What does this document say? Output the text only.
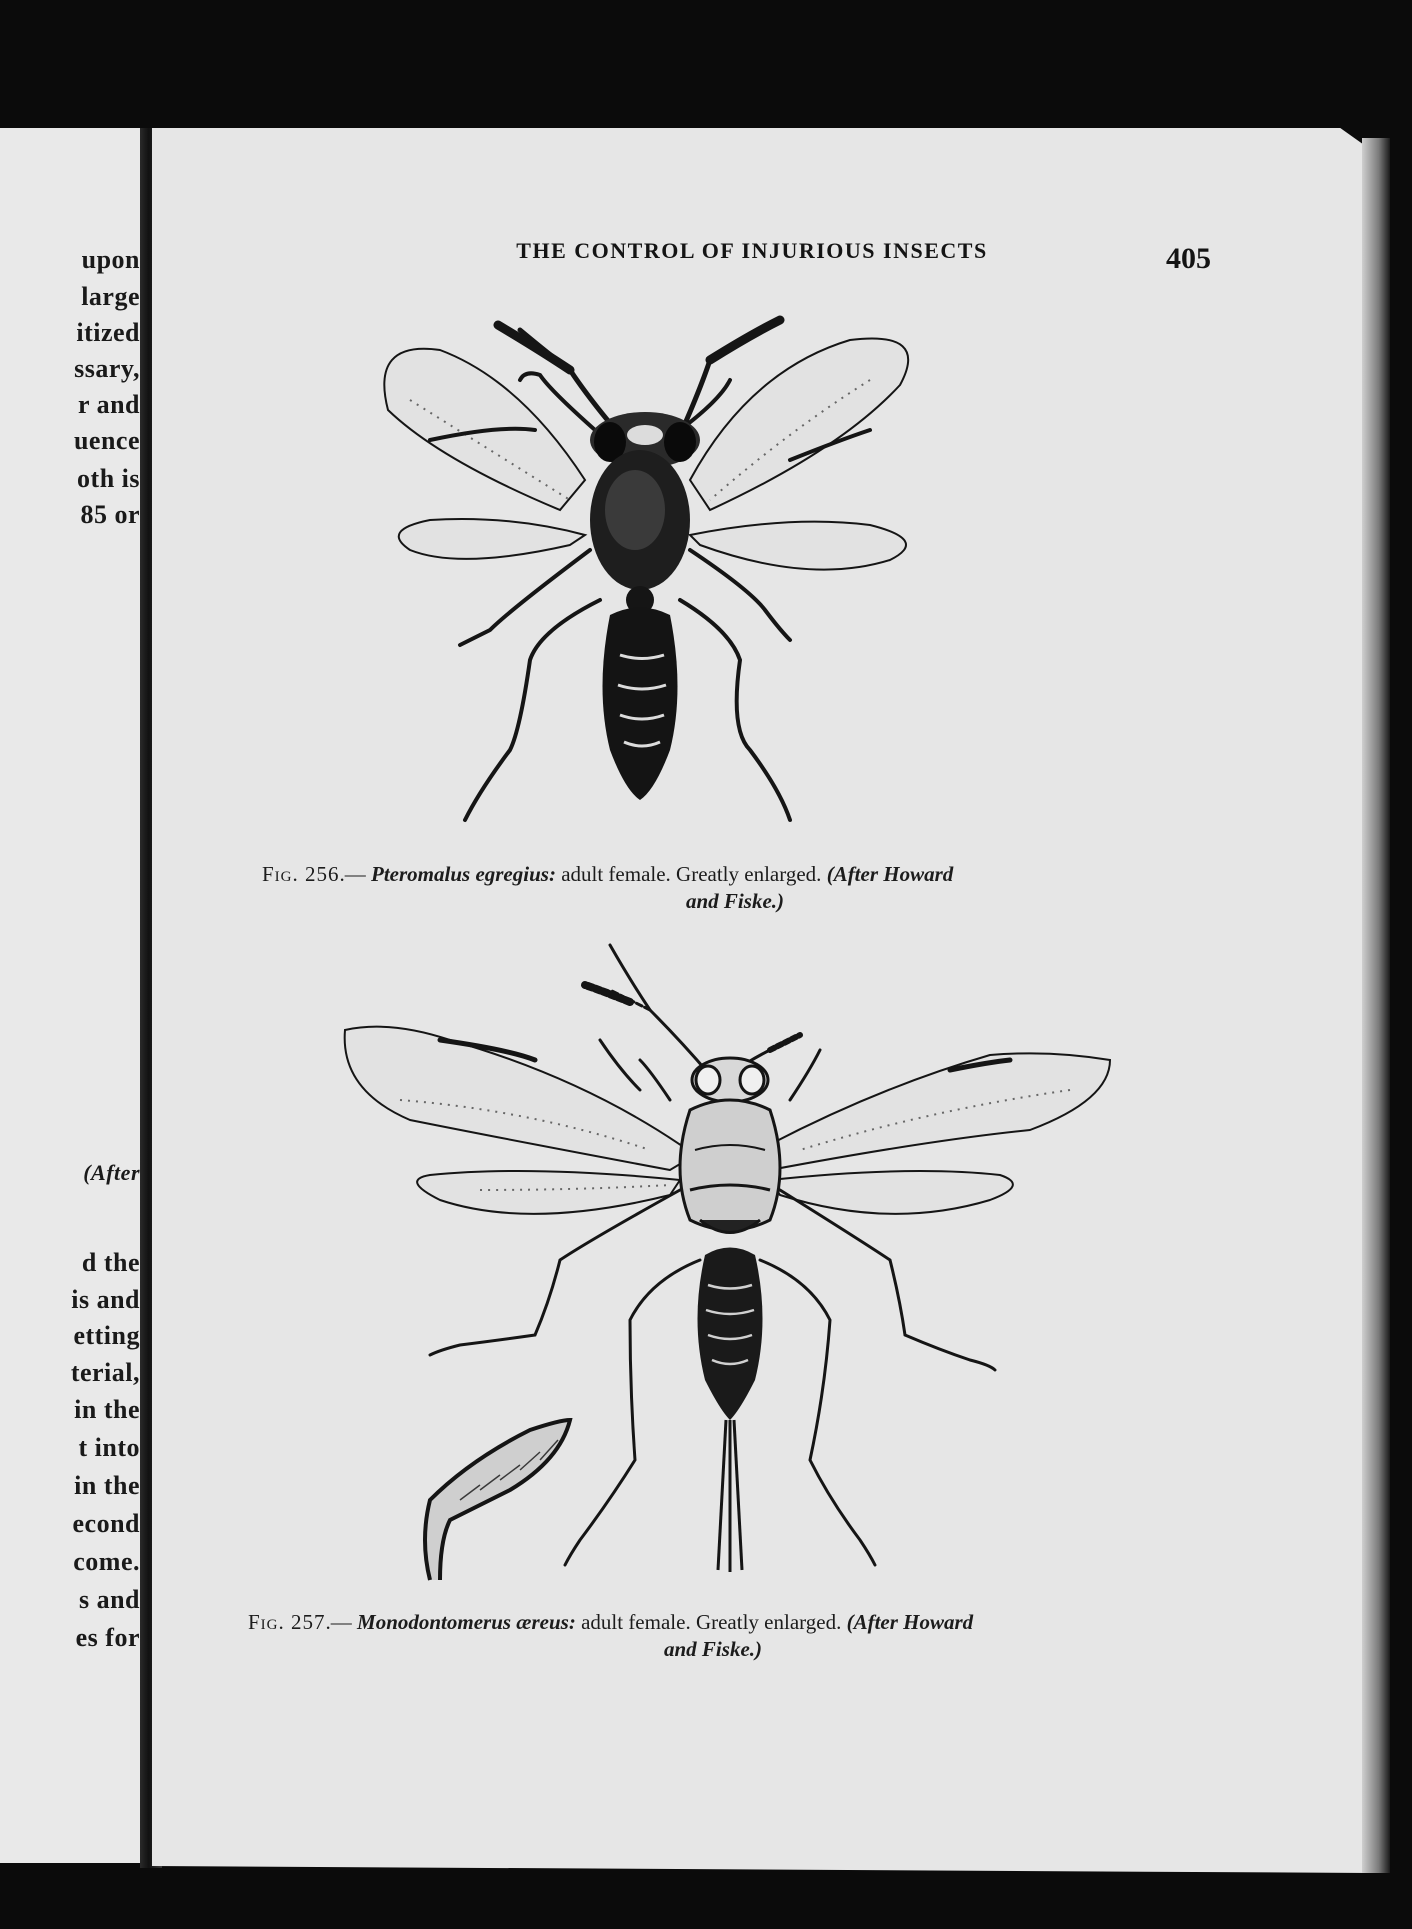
upon
large
itized
ssary,
r and
uence
oth is
85 or
(After
d the
is and
etting
terial,
in the
t into
in the
econd
come.
s and
es for
THE CONTROL OF INJURIOUS INSECTS	405
Fig. 256.— Pteromalus egregius: adult female. Greatly enlarged. (After Howard
and Fiske.)
Fig. 257.— Monodontomerus æreus: adult female. Greatly enlarged. (After Howard
and Fiske.)
